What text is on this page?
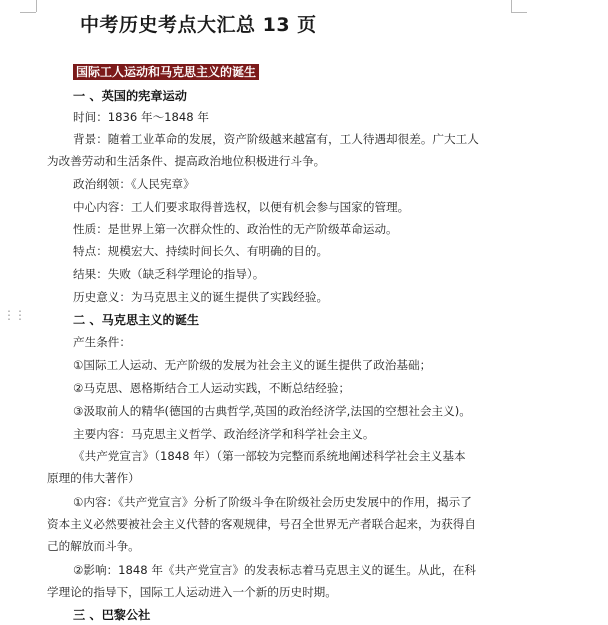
⋮⋮
中考历史考点大汇总 13 页
国际工人运动和马克思主义的诞生
一 、英国的宪章运动
时间：1836 年～1848 年
背景：随着工业革命的发展，资产阶级越来越富有，工人待遇却很差。广大工人
为改善劳动和生活条件、提高政治地位积极进行斗争。
政治纲领：《人民宪章》
中心内容：工人们要求取得普选权，以便有机会参与国家的管理。
性质：是世界上第一次群众性的、政治性的无产阶级革命运动。
特点：规模宏大、持续时间长久、有明确的目的。
结果：失败（缺乏科学理论的指导）。
历史意义：为马克思主义的诞生提供了实践经验。
二 、马克思主义的诞生
产生条件：
①国际工人运动、无产阶级的发展为社会主义的诞生提供了政治基础；
②马克思、恩格斯结合工人运动实践，不断总结经验；
③汲取前人的精华(德国的古典哲学,英国的政治经济学,法国的空想社会主义)。
主要内容：马克思主义哲学、政治经济学和科学社会主义。
《共产党宣言》（1848 年）（第一部较为完整而系统地阐述科学社会主义基本
原理的伟大著作）
①内容：《共产党宣言》分析了阶级斗争在阶级社会历史发展中的作用，揭示了
资本主义必然要被社会主义代替的客观规律，号召全世界无产者联合起来，为获得自
己的解放而斗争。
②影响：1848 年《共产党宣言》的发表标志着马克思主义的诞生。从此，在科
学理论的指导下，国际工人运动进入一个新的历史时期。
三 、巴黎公社
